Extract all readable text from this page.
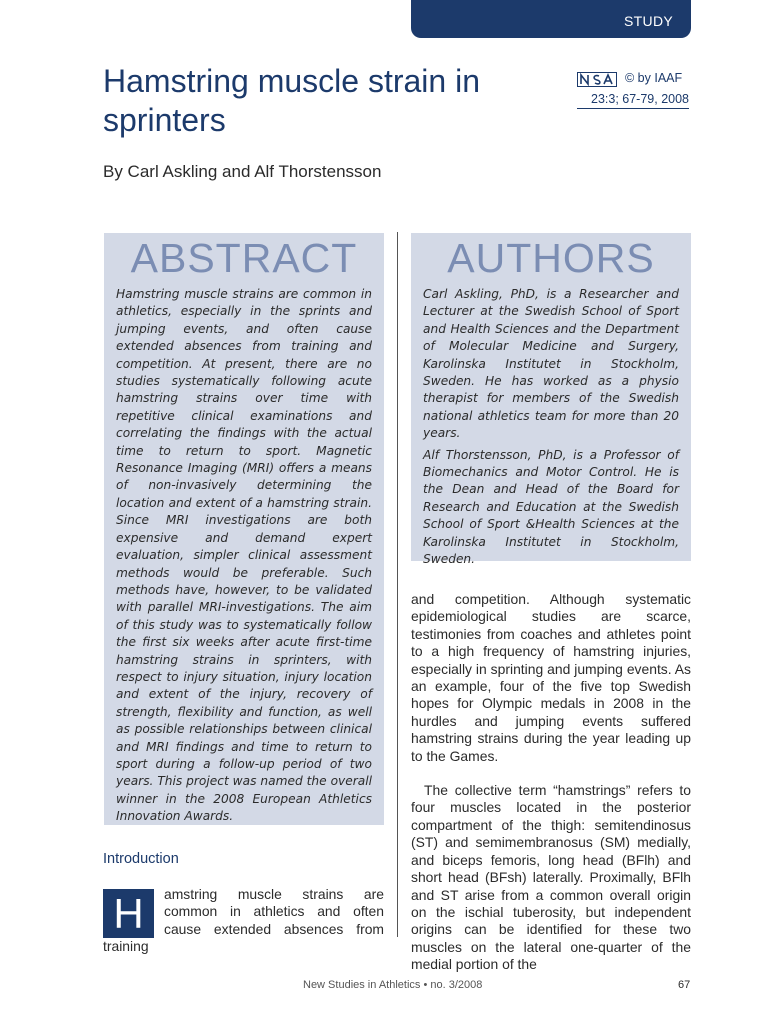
STUDY
Hamstring muscle strain in sprinters
By Carl Askling and Alf Thorstensson
© by IAAF
23:3; 67-79, 2008
ABSTRACT
Hamstring muscle strains are common in athletics, especially in the sprints and jumping events, and often cause extended absences from training and competition. At present, there are no studies systematically following acute hamstring strains over time with repetitive clinical examinations and correlating the findings with the actual time to return to sport. Magnetic Resonance Imaging (MRI) offers a means of non-invasively determining the location and extent of a hamstring strain. Since MRI investigations are both expensive and demand expert evaluation, simpler clinical assessment methods would be preferable. Such methods have, however, to be validated with parallel MRI-investigations. The aim of this study was to systematically follow the first six weeks after acute first-time hamstring strains in sprinters, with respect to injury situation, injury location and extent of the injury, recovery of strength, flexibility and function, as well as possible relationships between clinical and MRI findings and time to return to sport during a follow-up period of two years. This project was named the overall winner in the 2008 European Athletics Innovation Awards.
AUTHORS

Carl Askling, PhD, is a Researcher and Lecturer at the Swedish School of Sport and Health Sciences and the Department of Molecular Medicine and Surgery, Karolinska Institutet in Stockholm, Sweden. He has worked as a physio therapist for members of the Swedish national athletics team for more than 20 years.

Alf Thorstensson, PhD, is a Professor of Biomechanics and Motor Control. He is the Dean and Head of the Board for Research and Education at the Swedish School of Sport &Health Sciences at the Karolinska Institutet in Stockholm, Sweden.

and competition. Although systematic epidemiological studies are scarce, testimonies from coaches and athletes point to a high frequency of hamstring injuries, especially in sprinting and jumping events. As an example, four of the five top Swedish hopes for Olympic medals in 2008 in the hurdles and jumping events suffered hamstring strains during the year leading up to the Games.

The collective term “hamstrings” refers to four muscles located in the posterior compartment of the thigh: semitendinosus (ST) and semimembranosus (SM) medially, and biceps femoris, long head (BFlh) and short head (BFsh) laterally. Proximally, BFlh and ST arise from a common overall origin on the ischial tuberosity, but independent origins can be identified for these two muscles on the lateral one-quarter of the medial portion of the

Introduction
H	amstring muscle strains are common in athletics and often cause extended absences from training
New Studies in Athletics • no. 3/2008	67
